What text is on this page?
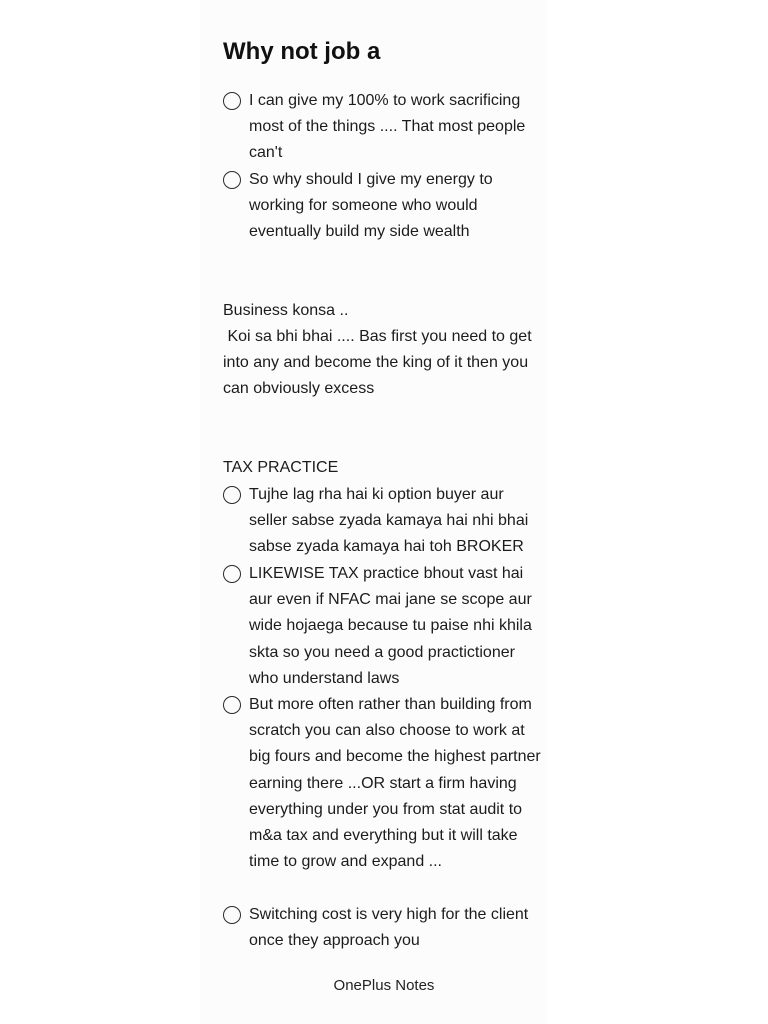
Why not job a
I can give my 100% to work sacrificing most of the things .... That most people can't
So why should I give my energy to working for someone who would eventually build my side wealth

Business konsa ..

Koi sa bhi bhai .... Bas first you need to get into any and become the king of it then you can obviously excess

TAX PRACTICE

Tujhe lag rha hai ki option buyer aur seller sabse zyada kamaya hai nhi bhai sabse zyada kamaya hai toh BROKER
LIKEWISE TAX practice bhout vast hai aur even if NFAC mai jane se scope aur wide hojaega because tu paise nhi khila skta so you need a good practictioner who understand laws
But more often rather than building from scratch you can also choose to work at big fours and become the highest partner earning there ...OR start a firm having everything under you from stat audit to m&a tax and everything but it will take time to grow and expand ...
Switching cost is very high for the client once they approach you
OnePlus Notes
